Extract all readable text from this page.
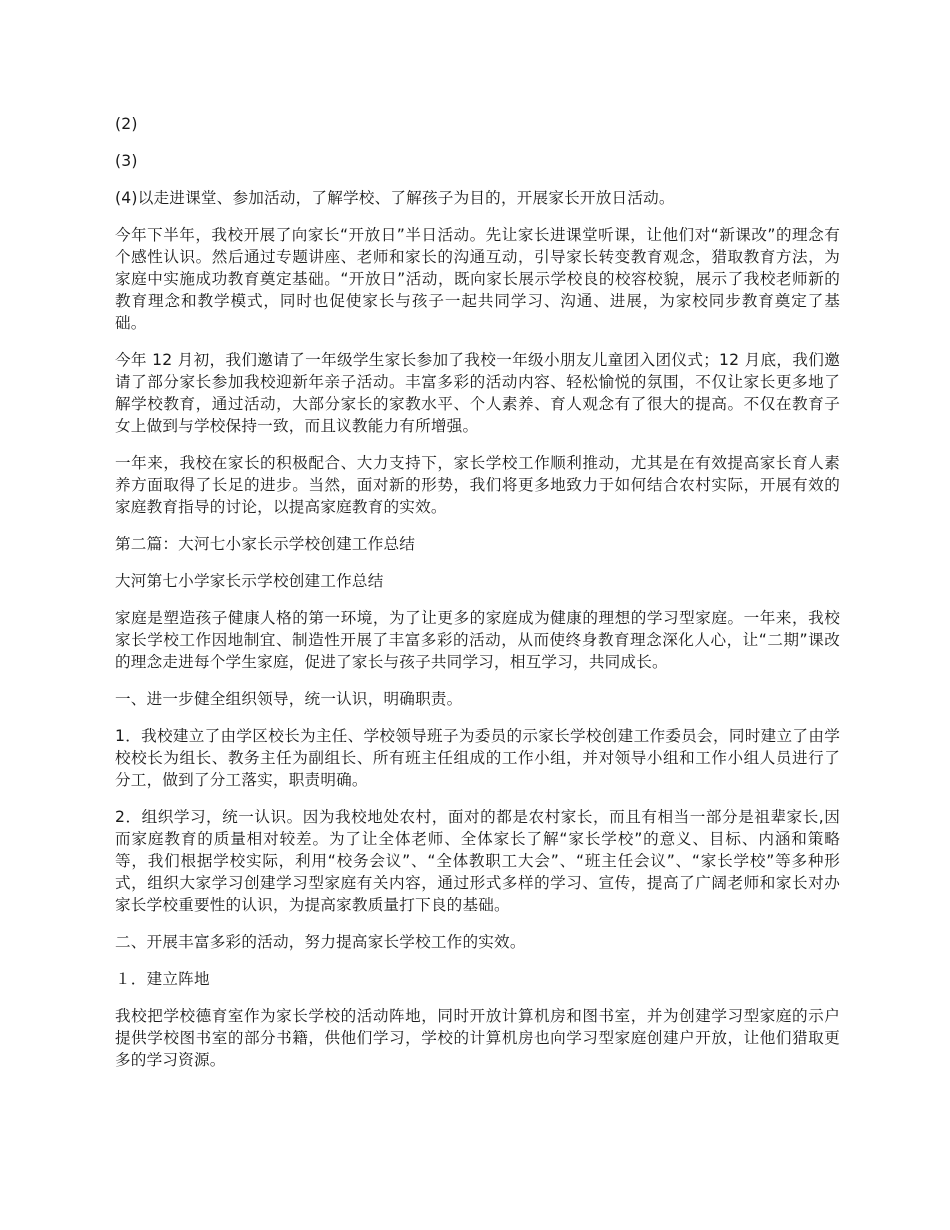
(2)

(3)

(4)以走进课堂、参加活动，了解学校、了解孩子为目的，开展家长开放日活动。

今年下半年，我校开展了向家长“开放日”半日活动。先让家长进课堂听课，让他们对“新课改”的理念有个感性认识。然后通过专题讲座、老师和家长的沟通互动，引导家长转变教育观念，猎取教育方法，为家庭中实施成功教育奠定基础。“开放日”活动，既向家长展示学校良的校容校貌，展示了我校老师新的教育理念和教学模式，同时也促使家长与孩子一起共同学习、沟通、进展，为家校同步教育奠定了基础。

今年 12 月初，我们邀请了一年级学生家长参加了我校一年级小朋友儿童团入团仪式；12 月底，我们邀请了部分家长参加我校迎新年亲子活动。丰富多彩的活动内容、轻松愉悦的氛围，不仅让家长更多地了解学校教育，通过活动，大部分家长的家教水平、个人素养、育人观念有了很大的提高。不仅在教育子女上做到与学校保持一致，而且议教能力有所增强。

一年来，我校在家长的积极配合、大力支持下，家长学校工作顺利推动，尤其是在有效提高家长育人素养方面取得了长足的进步。当然，面对新的形势，我们将更多地致力于如何结合农村实际，开展有效的家庭教育指导的讨论，以提高家庭教育的实效。

第二篇：大河七小家长示学校创建工作总结

大河第七小学家长示学校创建工作总结

家庭是塑造孩子健康人格的第一环境，为了让更多的家庭成为健康的理想的学习型家庭。一年来，我校家长学校工作因地制宜、制造性开展了丰富多彩的活动，从而使终身教育理念深化人心，让“二期”课改的理念走进每个学生家庭，促进了家长与孩子共同学习，相互学习，共同成长。

一、进一步健全组织领导，统一认识，明确职责。

1．我校建立了由学区校长为主任、学校领导班子为委员的示家长学校创建工作委员会，同时建立了由学校校长为组长、教务主任为副组长、所有班主任组成的工作小组，并对领导小组和工作小组人员进行了分工，做到了分工落实，职责明确。

2．组织学习，统一认识。因为我校地处农村，面对的都是农村家长，而且有相当一部分是祖辈家长,因而家庭教育的质量相对较差。为了让全体老师、全体家长了解“家长学校”的意义、目标、内涵和策略等，我们根据学校实际，利用“校务会议”、“全体教职工大会”、“班主任会议”、“家长学校”等多种形式，组织大家学习创建学习型家庭有关内容，通过形式多样的学习、宣传，提高了广阔老师和家长对办家长学校重要性的认识，为提高家教质量打下良的基础。

二、开展丰富多彩的活动，努力提高家长学校工作的实效。

１．建立阵地

我校把学校德育室作为家长学校的活动阵地，同时开放计算机房和图书室，并为创建学习型家庭的示户提供学校图书室的部分书籍，供他们学习，学校的计算机房也向学习型家庭创建户开放，让他们猎取更多的学习资源。
